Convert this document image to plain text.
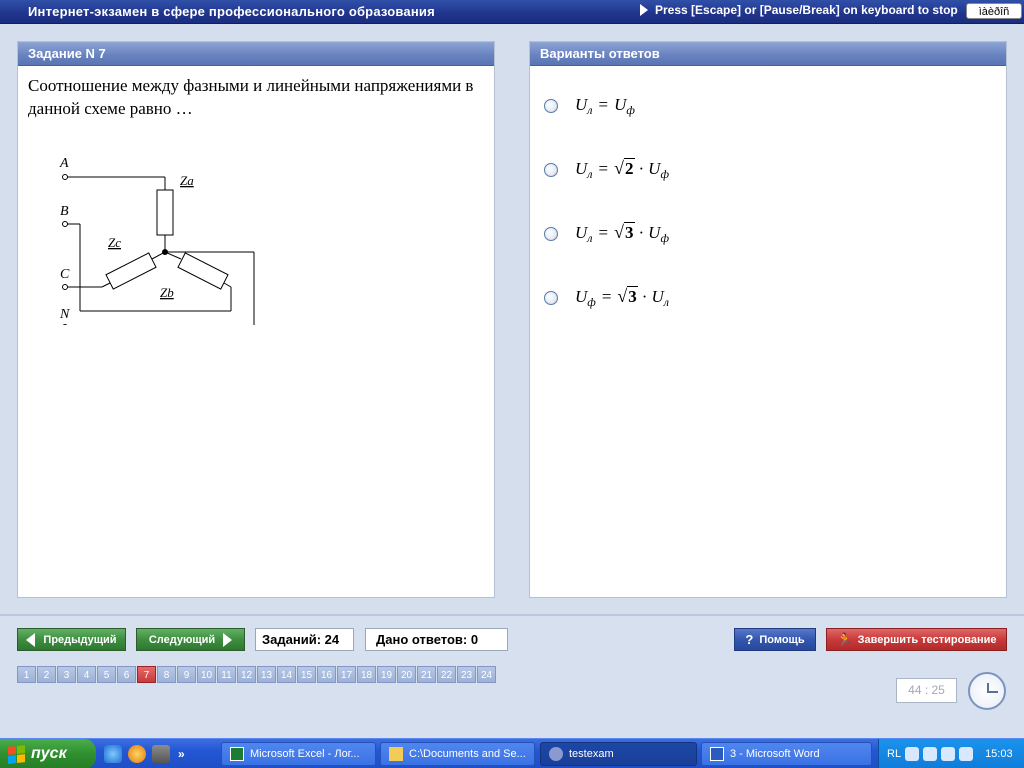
Интернет-экзамен в сфере профессионального образования	Press [Escape] or [Pause/Break] on keyboard to stop	ìàèðîñ
Задание N 7
Соотношение между фазными и линейными напряжениями в данной схеме равно …
A
B
C
N
Za
Zc
Zb
Варианты ответов
$U_л = U_ф$
$U_л = √2 \cdot U_ф$
$U_л = √3 \cdot U_ф$
$U_ф = √3 \cdot U_л$
Предыдущий	Следующий	Заданий: 24	Дано ответов: 0	? Помощь 🏃 Завершить тестирование
1	2	3	4	5	6	7	8	9	10 11 12 13 14 15 16 17 18 19 20 21 22 23 24
44 : 25
пуск	»	Microsoft Excel - Лог...	C:\Documents and Se...	testexam	3 - Microsoft Word	RL	15:03
